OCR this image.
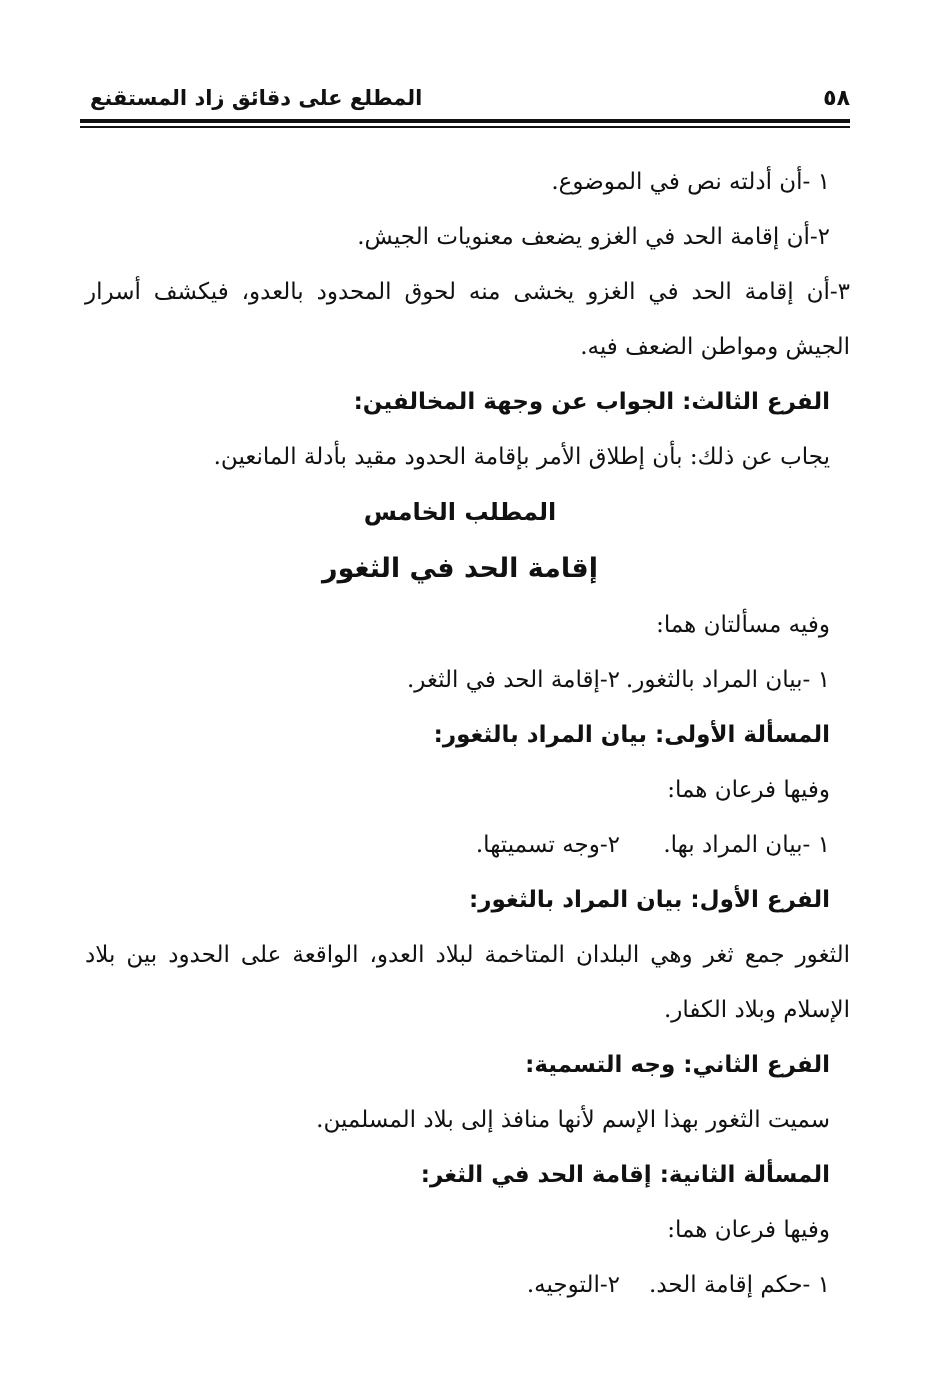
٥٨
المطلع على دقائق زاد المستقنع
١ -أن أدلته نص في الموضوع.
٢-أن إقامة الحد في الغزو يضعف معنويات الجيش.
٣-أن إقامة الحد في الغزو يخشى منه لحوق المحدود بالعدو، فيكشف أسرار الجيش ومواطن الضعف فيه.
الفرع الثالث: الجواب عن وجهة المخالفين:
يجاب عن ذلك: بأن إطلاق الأمر بإقامة الحدود مقيد بأدلة المانعين.
المطلب الخامس
إقامة الحد في الثغور
وفيه مسألتان هما:
١ -بيان المراد بالثغور.
٢-إقامة الحد في الثغر.
المسألة الأولى: بيان المراد بالثغور:
وفيها فرعان هما:
١ -بيان المراد بها.
٢-وجه تسميتها.
الفرع الأول: بيان المراد بالثغور:
الثغور جمع ثغر وهي البلدان المتاخمة لبلاد العدو، الواقعة على الحدود بين بلاد الإسلام وبلاد الكفار.
الفرع الثاني: وجه التسمية:
سميت الثغور بهذا الإسم لأنها منافذ إلى بلاد المسلمين.
المسألة الثانية: إقامة الحد في الثغر:
وفيها فرعان هما:
١ -حكم إقامة الحد.
٢-التوجيه.
